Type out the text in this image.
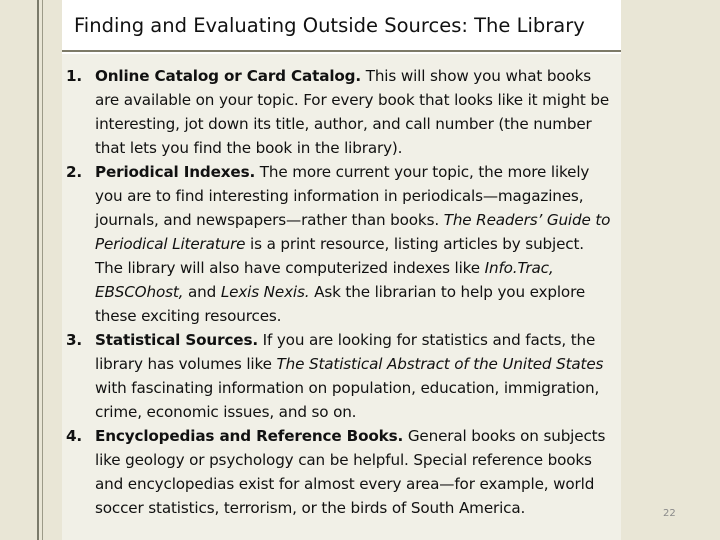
Finding and Evaluating Outside Sources: The Library
1. Online Catalog or Card Catalog. This will show you what books are available on your topic. For every book that looks like it might be interesting, jot down its title, author, and call number (the number that lets you find the book in the library).
2. Periodical Indexes. The more current your topic, the more likely you are to find interesting information in periodicals—magazines, journals, and newspapers—rather than books. The Readers’ Guide to Periodical Literature is a print resource, listing articles by subject. The library will also have computerized indexes like Info.Trac, EBSCOhost, and Lexis Nexis. Ask the librarian to help you explore these exciting resources.
3. Statistical Sources. If you are looking for statistics and facts, the library has volumes like The Statistical Abstract of the United States with fascinating information on population, education, immigration, crime, economic issues, and so on.
4. Encyclopedias and Reference Books. General books on subjects like geology or psychology can be helpful. Special reference books and encyclopedias exist for almost every area—for example, world soccer statistics, terrorism, or the birds of South America.	22
